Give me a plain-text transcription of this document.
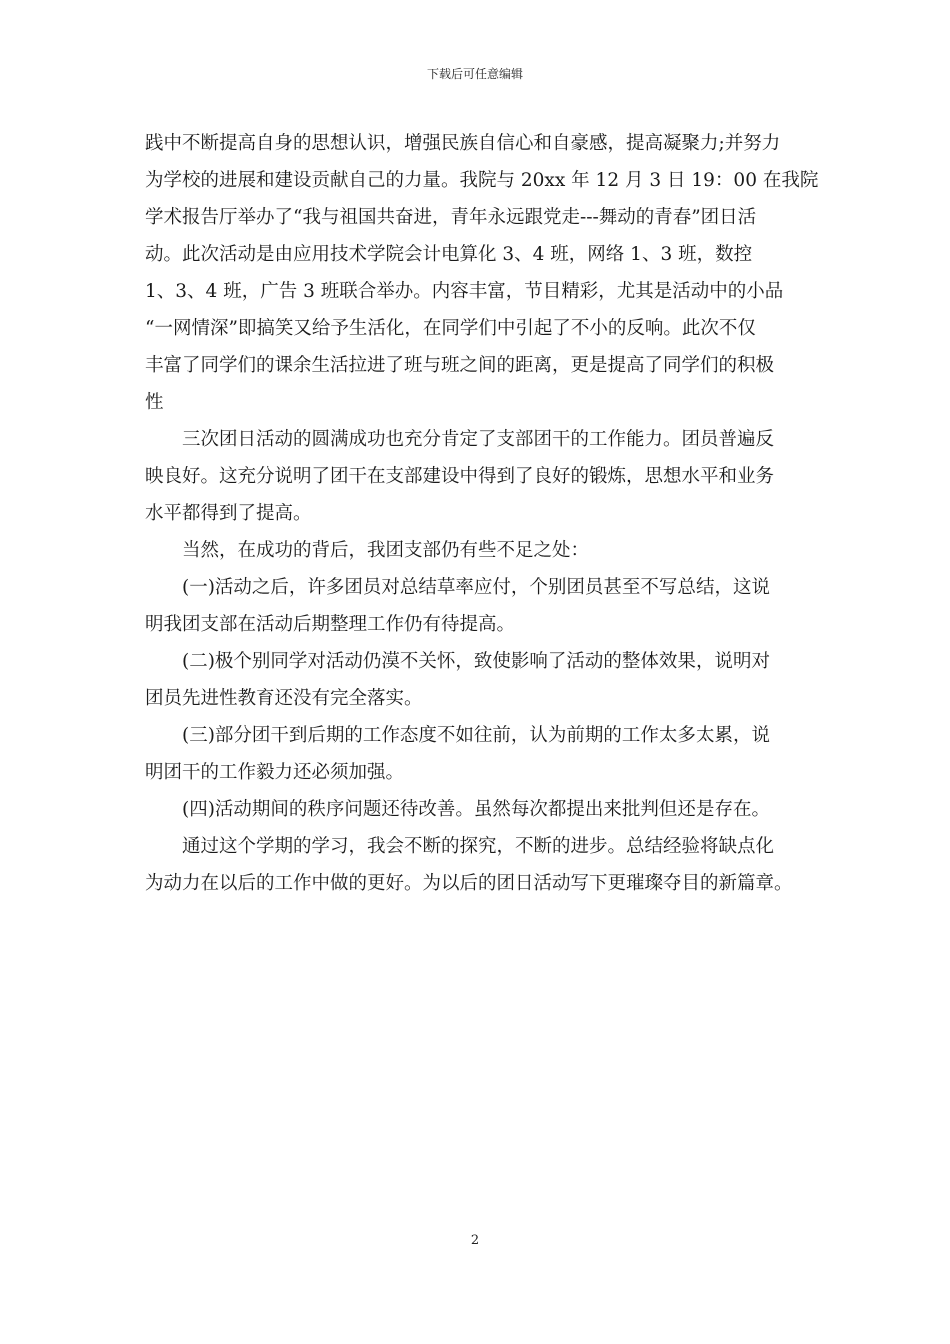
下载后可任意编辑
践中不断提高自身的思想认识，增强民族自信心和自豪感，提高凝聚力;并努力
为学校的进展和建设贡献自己的力量。我院与 20xx 年 12 月 3 日 19：00 在我院
学术报告厅举办了“我与祖国共奋进，青年永远跟党走---舞动的青春”团日活
动。此次活动是由应用技术学院会计电算化 3、4 班，网络 1、3 班，数控
1、3、4 班，广告 3 班联合举办。内容丰富，节目精彩，尤其是活动中的小品
“一网情深”即搞笑又给予生活化，在同学们中引起了不小的反响。此次不仅
丰富了同学们的课余生活拉进了班与班之间的距离，更是提高了同学们的积极
性
三次团日活动的圆满成功也充分肯定了支部团干的工作能力。团员普遍反
映良好。这充分说明了团干在支部建设中得到了良好的锻炼，思想水平和业务
水平都得到了提高。
当然，在成功的背后，我团支部仍有些不足之处：
(一)活动之后，许多团员对总结草率应付，个别团员甚至不写总结，这说
明我团支部在活动后期整理工作仍有待提高。
(二)极个别同学对活动仍漠不关怀，致使影响了活动的整体效果，说明对
团员先进性教育还没有完全落实。
(三)部分团干到后期的工作态度不如往前，认为前期的工作太多太累，说
明团干的工作毅力还必须加强。
(四)活动期间的秩序问题还待改善。虽然每次都提出来批判但还是存在。
通过这个学期的学习，我会不断的探究，不断的进步。总结经验将缺点化
为动力在以后的工作中做的更好。为以后的团日活动写下更璀璨夺目的新篇章。
2
